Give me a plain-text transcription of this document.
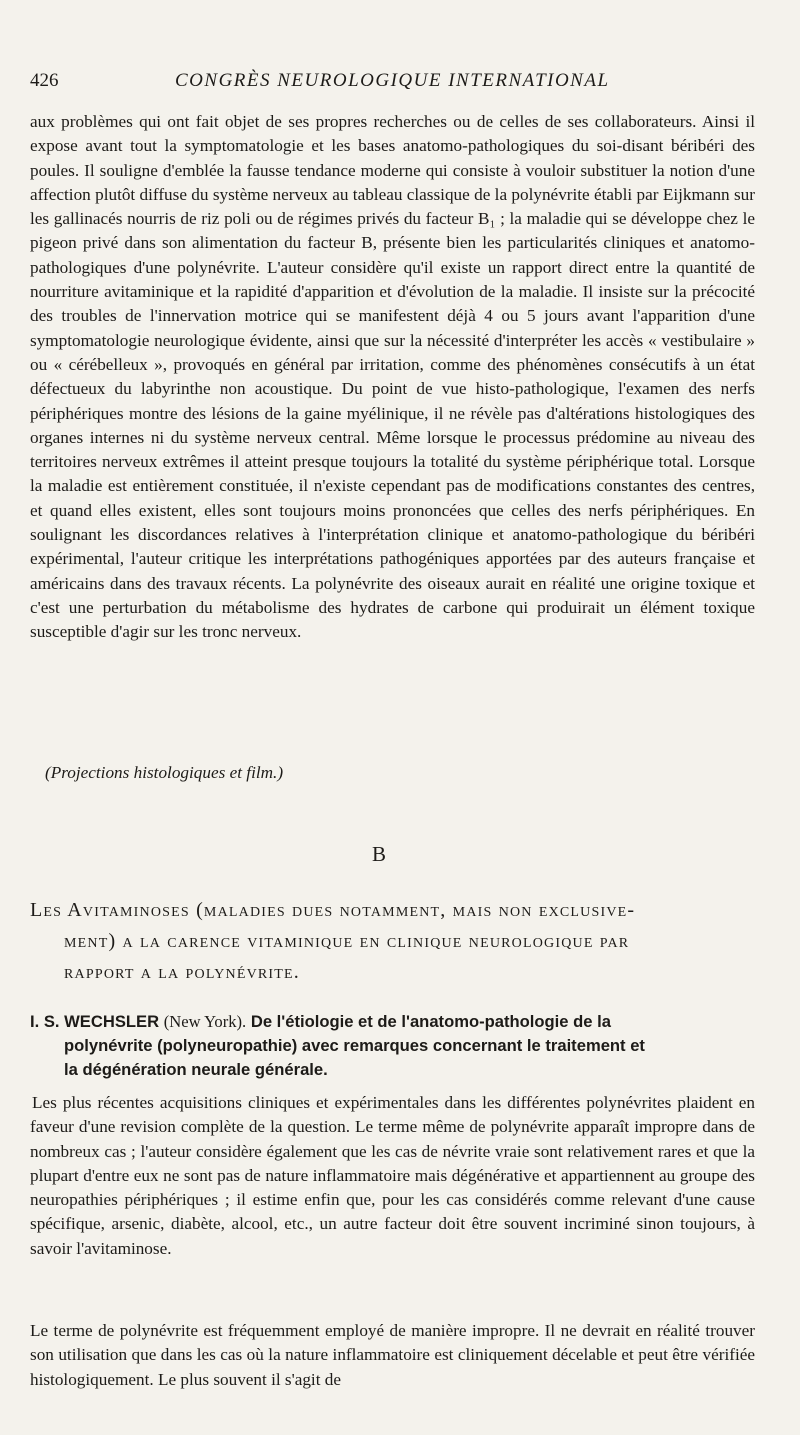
426	CONGRÈS NEUROLOGIQUE INTERNATIONAL
aux problèmes qui ont fait objet de ses propres recherches ou de celles de ses collaborateurs. Ainsi il expose avant tout la symptomatologie et les bases anatomo-pathologiques du soi-disant béribéri des poules. Il souligne d'emblée la fausse tendance moderne qui consiste à vouloir substituer la notion d'une affection plutôt diffuse du système nerveux au tableau classique de la polynévrite établi par Eijkmann sur les gallinacés nourris de riz poli ou de régimes privés du facteur B₁ ; la maladie qui se développe chez le pigeon privé dans son alimentation du facteur B, présente bien les particularités cliniques et anatomo-pathologiques d'une polynévrite. L'auteur considère qu'il existe un rapport direct entre la quantité de nourriture avitaminique et la rapidité d'apparition et d'évolution de la maladie. Il insiste sur la précocité des troubles de l'innervation motrice qui se manifestent déjà 4 ou 5 jours avant l'apparition d'une symptomatologie neurologique évidente, ainsi que sur la nécessité d'interpréter les accès « vestibulaire » ou « cérébelleux », provoqués en général par irritation, comme des phénomènes consécutifs à un état défectueux du labyrinthe non acoustique. Du point de vue histo-pathologique, l'examen des nerfs périphériques montre des lésions de la gaine myélinique, il ne révèle pas d'altérations histologiques des organes internes ni du système nerveux central. Même lorsque le processus prédomine au niveau des territoires nerveux extrêmes il atteint presque toujours la totalité du système périphérique total. Lorsque la maladie est entièrement constituée, il n'existe cependant pas de modifications constantes des centres, et quand elles existent, elles sont toujours moins prononcées que celles des nerfs périphériques. En soulignant les discordances relatives à l'interprétation clinique et anatomo-pathologique du béribéri expérimental, l'auteur critique les interprétations pathogéniques apportées par des auteurs française et américains dans des travaux récents. La polynévrite des oiseaux aurait en réalité une origine toxique et c'est une perturbation du métabolisme des hydrates de carbone qui produirait un élément toxique susceptible d'agir sur les tronc nerveux.
(Projections histologiques et film.)
B
Les Avitaminoses (maladies dues notamment, mais non exclusive-
ment) a la carence vitaminique en clinique neurologique par
rapport a la polynévrite.
I. S. WECHSLER (New York). De l'étiologie et de l'anatomo-pathologie de la
polynévrite (polyneuropathie) avec remarques concernant le traitement et
la dégénération neurale générale.
Les plus récentes acquisitions cliniques et expérimentales dans les différentes polynévrites plaident en faveur d'une revision complète de la question. Le terme même de polynévrite apparaît impropre dans de nombreux cas ; l'auteur considère également que les cas de névrite vraie sont relativement rares et que la plupart d'entre eux ne sont pas de nature inflammatoire mais dégénérative et appartiennent au groupe des neuropathies périphériques ; il estime enfin que, pour les cas considérés comme relevant d'une cause spécifique, arsenic, diabète, alcool, etc., un autre facteur doit être souvent incriminé sinon toujours, à savoir l'avitaminose.
Le terme de polynévrite est fréquemment employé de manière impropre. Il ne devrait en réalité trouver son utilisation que dans les cas où la nature inflammatoire est cliniquement décelable et peut être vérifiée histologiquement. Le plus souvent il s'agit de
